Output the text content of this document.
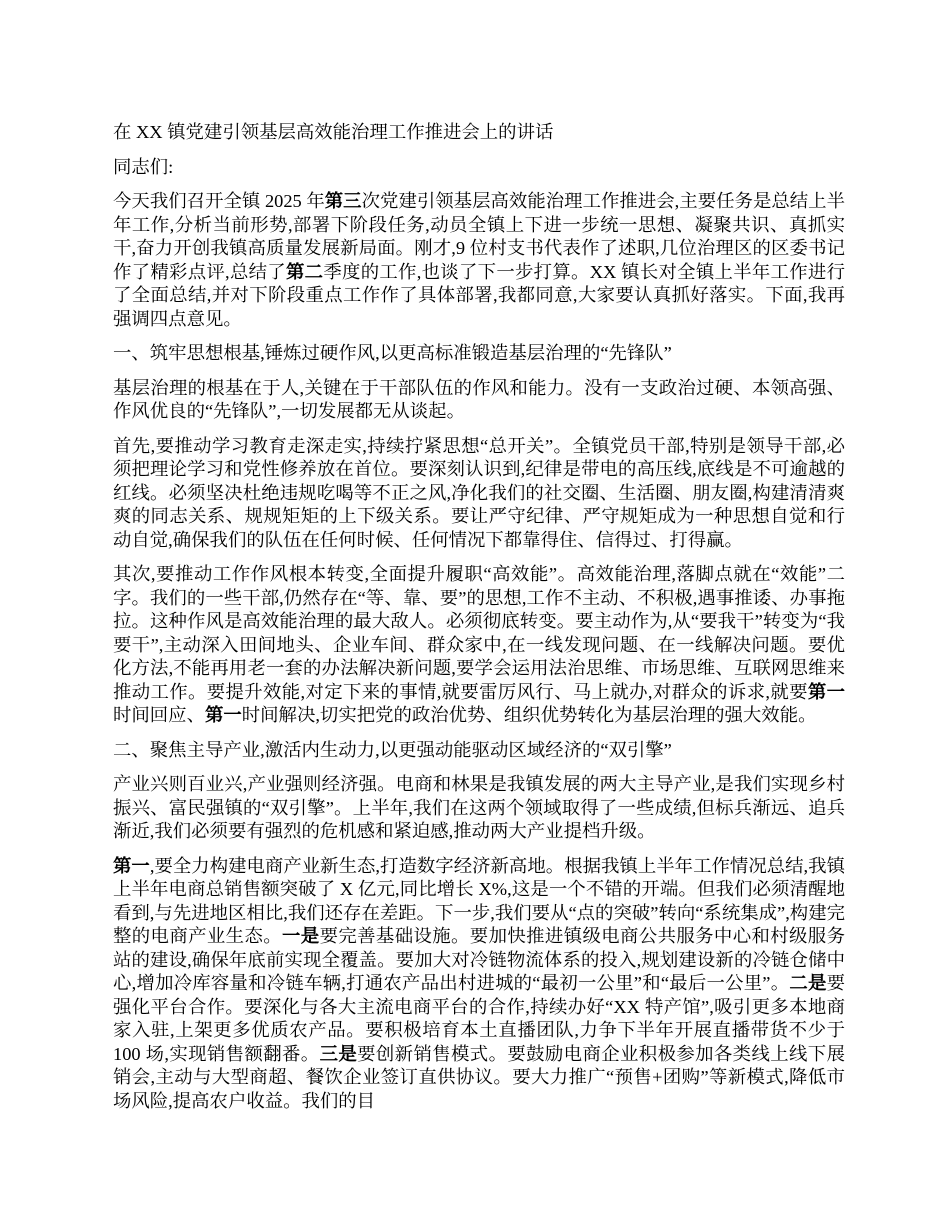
在 XX 镇党建引领基层高效能治理工作推进会上的讲话

同志们:

今天我们召开全镇 2025 年第三次党建引领基层高效能治理工作推进会,主要任务是总结上半年工作,分析当前形势,部署下阶段任务,动员全镇上下进一步统一思想、凝聚共识、真抓实干,奋力开创我镇高质量发展新局面。刚才,9 位村支书代表作了述职,几位治理区的区委书记作了精彩点评,总结了第二季度的工作,也谈了下一步打算。XX 镇长对全镇上半年工作进行了全面总结,并对下阶段重点工作作了具体部署,我都同意,大家要认真抓好落实。下面,我再强调四点意见。

一、筑牢思想根基,锤炼过硬作风,以更高标准锻造基层治理的“先锋队”

基层治理的根基在于人,关键在于干部队伍的作风和能力。没有一支政治过硬、本领高强、作风优良的“先锋队”,一切发展都无从谈起。

首先,要推动学习教育走深走实,持续拧紧思想“总开关”。全镇党员干部,特别是领导干部,必须把理论学习和党性修养放在首位。要深刻认识到,纪律是带电的高压线,底线是不可逾越的红线。必须坚决杜绝违规吃喝等不正之风,净化我们的社交圈、生活圈、朋友圈,构建清清爽爽的同志关系、规规矩矩的上下级关系。要让严守纪律、严守规矩成为一种思想自觉和行动自觉,确保我们的队伍在任何时候、任何情况下都靠得住、信得过、打得赢。

其次,要推动工作作风根本转变,全面提升履职“高效能”。高效能治理,落脚点就在“效能”二字。我们的一些干部,仍然存在“等、靠、要”的思想,工作不主动、不积极,遇事推诿、办事拖拉。这种作风是高效能治理的最大敌人。必须彻底转变。要主动作为,从“要我干”转变为“我要干”,主动深入田间地头、企业车间、群众家中,在一线发现问题、在一线解决问题。要优化方法,不能再用老一套的办法解决新问题,要学会运用法治思维、市场思维、互联网思维来推动工作。要提升效能,对定下来的事情,就要雷厉风行、马上就办,对群众的诉求,就要第一时间回应、第一时间解决,切实把党的政治优势、组织优势转化为基层治理的强大效能。

二、聚焦主导产业,激活内生动力,以更强动能驱动区域经济的“双引擎”

产业兴则百业兴,产业强则经济强。电商和林果是我镇发展的两大主导产业,是我们实现乡村振兴、富民强镇的“双引擎”。上半年,我们在这两个领域取得了一些成绩,但标兵渐远、追兵渐近,我们必须要有强烈的危机感和紧迫感,推动两大产业提档升级。

第一,要全力构建电商产业新生态,打造数字经济新高地。根据我镇上半年工作情况总结,我镇上半年电商总销售额突破了 X 亿元,同比增长 X%,这是一个不错的开端。但我们必须清醒地看到,与先进地区相比,我们还存在差距。下一步,我们要从“点的突破”转向“系统集成”,构建完整的电商产业生态。一是要完善基础设施。要加快推进镇级电商公共服务中心和村级服务站的建设,确保年底前实现全覆盖。要加大对冷链物流体系的投入,规划建设新的冷链仓储中心,增加冷库容量和冷链车辆,打通农产品出村进城的“最初一公里”和“最后一公里”。二是要强化平台合作。要深化与各大主流电商平台的合作,持续办好“XX 特产馆”,吸引更多本地商家入驻,上架更多优质农产品。要积极培育本土直播团队,力争下半年开展直播带货不少于 100 场,实现销售额翻番。三是要创新销售模式。要鼓励电商企业积极参加各类线上线下展销会,主动与大型商超、餐饮企业签订直供协议。要大力推广“预售+团购”等新模式,降低市场风险,提高农户收益。我们的目
